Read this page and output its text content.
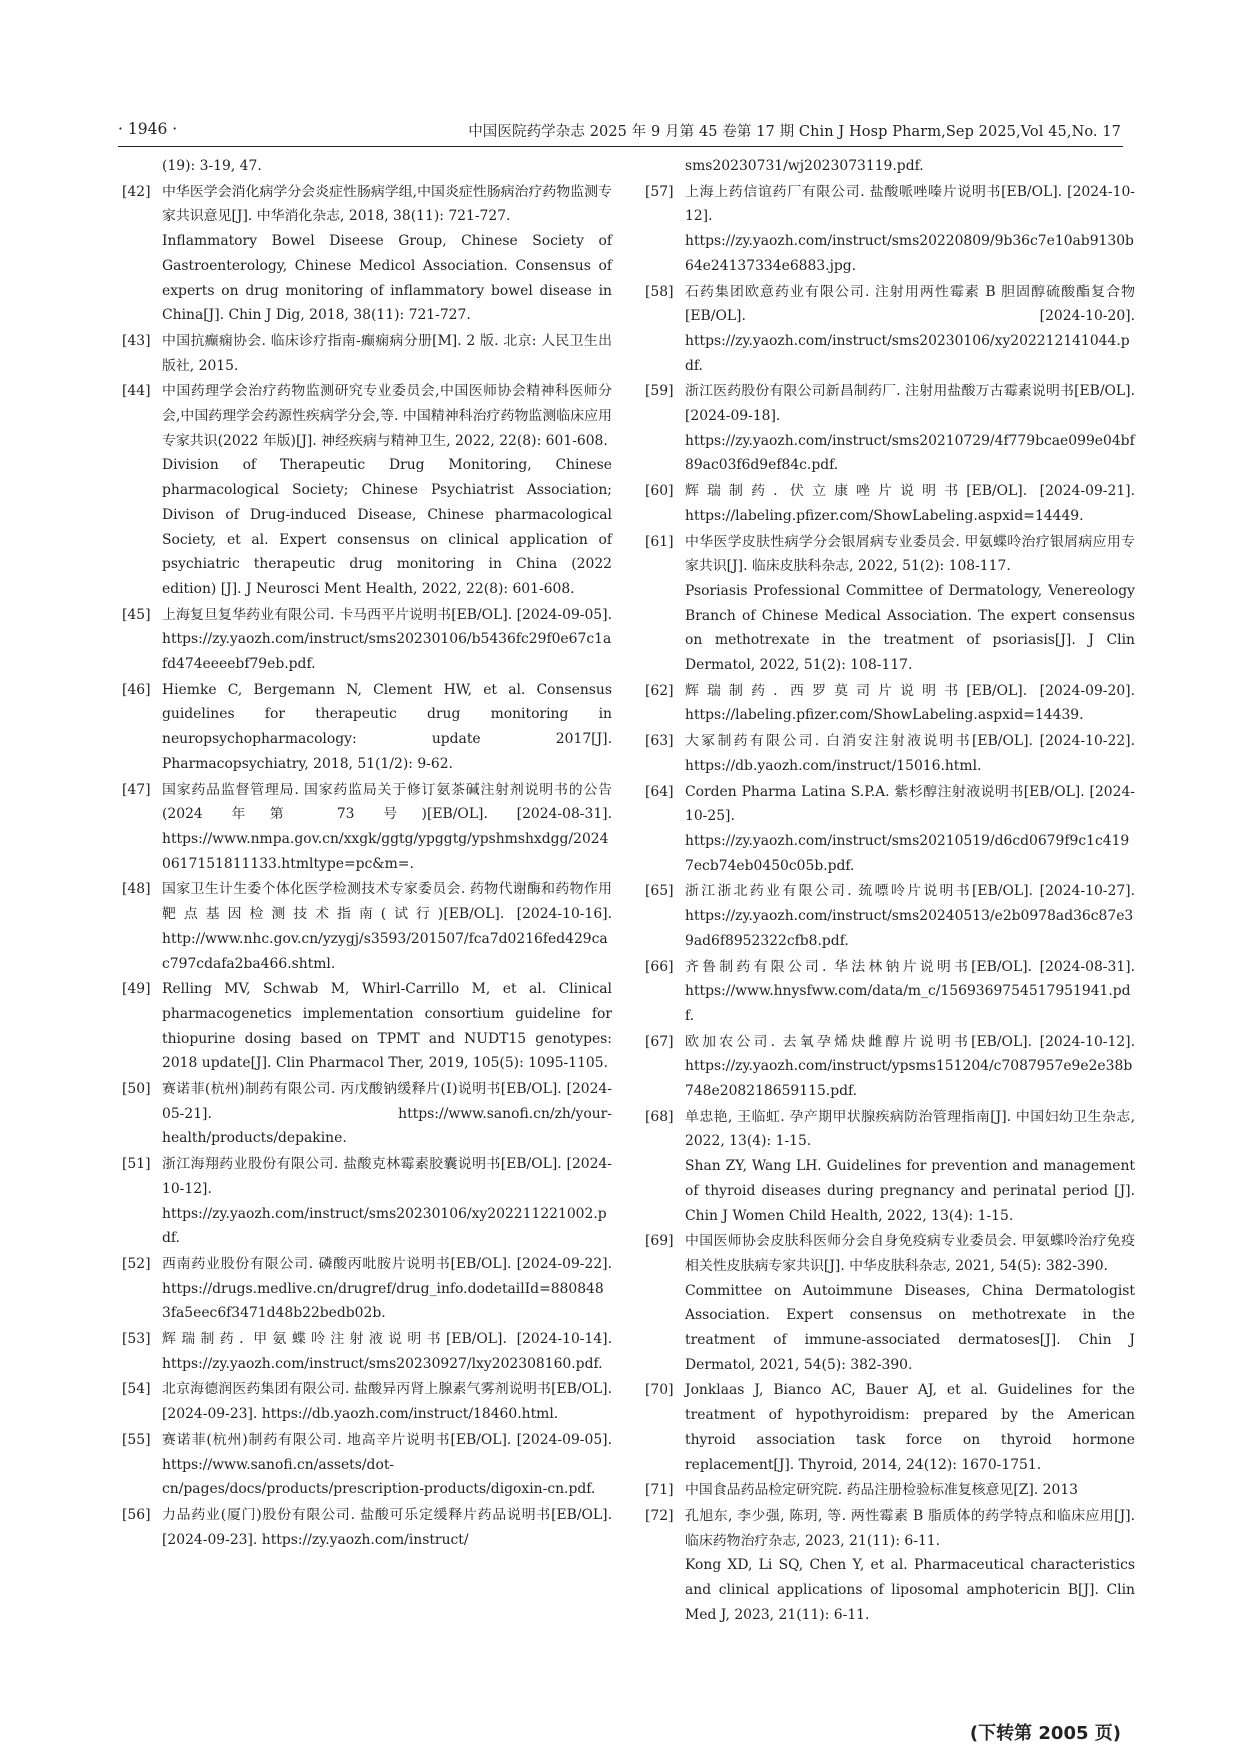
· 1946 ·	中国医院药学杂志 2025 年 9 月第 45 卷第 17 期 Chin J Hosp Pharm,Sep 2025,Vol 45,No. 17
(19): 3-19, 47.
[42] 中华医学会消化病学分会炎症性肠病学组,中国炎症性肠病治疗药物监测专家共识意见[J]. 中华消化杂志, 2018, 38(11): 721-727.
Inflammatory Bowel Diseese Group, Chinese Society of Gastroenterology, Chinese Medicol Association. Consensus of experts on drug monitoring of inflammatory bowel disease in China[J]. Chin J Dig, 2018, 38(11): 721-727.
[43] 中国抗癫痫协会. 临床诊疗指南-癫痫病分册[M]. 2 版. 北京: 人民卫生出版社, 2015.
[44] 中国药理学会治疗药物监测研究专业委员会,中国医师协会精神科医师分会,中国药理学会药源性疾病学分会,等. 中国精神科治疗药物监测临床应用专家共识(2022 年版)[J]. 神经疾病与精神卫生, 2022, 22(8): 601-608.
Division of Therapeutic Drug Monitoring, Chinese pharmacological Society; Chinese Psychiatrist Association; Divison of Drug-induced Disease, Chinese pharmacological Society, et al. Expert consensus on clinical application of psychiatric therapeutic drug monitoring in China (2022 edition) [J]. J Neurosci Ment Health, 2022, 22(8): 601-608.
[45] 上海复旦复华药业有限公司. 卡马西平片说明书[EB/OL]. [2024-09-05]. https://zy.yaozh.com/instruct/sms20230106/b5436fc29f0e67c1afd474eeeebf79eb.pdf.
[46] Hiemke C, Bergemann N, Clement HW, et al. Consensus guidelines for therapeutic drug monitoring in neuropsychopharmacology: update 2017[J]. Pharmacopsychiatry, 2018, 51(1/2): 9-62.
[47] 国家药品监督管理局. 国家药监局关于修订氨茶碱注射剂说明书的公告(2024 年第 73 号)[EB/OL]. [2024-08-31]. https://www.nmpa.gov.cn/xxgk/ggtg/ypggtg/ypshmshxdgg/20240617151811133.htmltype=pc&m=.
[48] 国家卫生计生委个体化医学检测技术专家委员会. 药物代谢酶和药物作用靶点基因检测技术指南(试行)[EB/OL]. [2024-10-16]. http://www.nhc.gov.cn/yzygj/s3593/201507/fca7d0216fed429cac797cdafa2ba466.shtml.
[49] Relling MV, Schwab M, Whirl-Carrillo M, et al. Clinical pharmacogenetics implementation consortium guideline for thiopurine dosing based on TPMT and NUDT15 genotypes: 2018 update[J]. Clin Pharmacol Ther, 2019, 105(5): 1095-1105.
[50] 赛诺菲(杭州)制药有限公司. 丙戊酸钠缓释片(Ⅰ)说明书[EB/OL]. [2024-05-21]. https://www.sanofi.cn/zh/your-health/products/depakine.
[51] 浙江海翔药业股份有限公司. 盐酸克林霉素胶囊说明书[EB/OL]. [2024-10-12]. https://zy.yaozh.com/instruct/sms20230106/xy202211221002.pdf.
[52] 西南药业股份有限公司. 磷酸丙吡胺片说明书[EB/OL]. [2024-09-22]. https://drugs.medlive.cn/drugref/drug_info.dodetailId=8808483fa5eec6f3471d48b22bedb02b.
[53] 辉瑞制药. 甲氨蝶呤注射液说明书[EB/OL]. [2024-10-14]. https://zy.yaozh.com/instruct/sms20230927/lxy202308160.pdf.
[54] 北京海德润医药集团有限公司. 盐酸异丙肾上腺素气雾剂说明书[EB/OL]. [2024-09-23]. https://db.yaozh.com/instruct/18460.html.
[55] 赛诺菲(杭州)制药有限公司. 地高辛片说明书[EB/OL]. [2024-09-05]. https://www.sanofi.cn/assets/dot-cn/pages/docs/products/prescription-products/digoxin-cn.pdf.
[56] 力品药业(厦门)股份有限公司. 盐酸可乐定缓释片药品说明书[EB/OL]. [2024-09-23]. https://zy.yaozh.com/instruct/
sms20230731/wj2023073119.pdf.
[57] 上海上药信谊药厂有限公司. 盐酸哌唑嗪片说明书[EB/OL]. [2024-10-12]. https://zy.yaozh.com/instruct/sms20220809/9b36c7e10ab9130b64e24137334e6883.jpg.
[58] 石药集团欧意药业有限公司. 注射用两性霉素 B 胆固醇硫酸酯复合物[EB/OL]. [2024-10-20]. https://zy.yaozh.com/instruct/sms20230106/xy202212141044.pdf.
[59] 浙江医药股份有限公司新昌制药厂. 注射用盐酸万古霉素说明书[EB/OL]. [2024-09-18]. https://zy.yaozh.com/instruct/sms20210729/4f779bcae099e04bf89ac03f6d9ef84c.pdf.
[60] 辉瑞制药. 伏立康唑片说明书[EB/OL]. [2024-09-21]. https://labeling.pfizer.com/ShowLabeling.aspxid=14449.
[61] 中华医学皮肤性病学分会银屑病专业委员会. 甲氨蝶呤治疗银屑病应用专家共识[J]. 临床皮肤科杂志, 2022, 51(2): 108-117.
Psoriasis Professional Committee of Dermatology, Venereology Branch of Chinese Medical Association. The expert consensus on methotrexate in the treatment of psoriasis[J]. J Clin Dermatol, 2022, 51(2): 108-117.
[62] 辉瑞制药. 西罗莫司片说明书[EB/OL]. [2024-09-20]. https://labeling.pfizer.com/ShowLabeling.aspxid=14439.
[63] 大冢制药有限公司. 白消安注射液说明书[EB/OL]. [2024-10-22]. https://db.yaozh.com/instruct/15016.html.
[64] Corden Pharma Latina S.P.A. 紫杉醇注射液说明书[EB/OL]. [2024-10-25]. https://zy.yaozh.com/instruct/sms20210519/d6cd0679f9c1c4197ecb74eb0450c05b.pdf.
[65] 浙江浙北药业有限公司. 巯嘌呤片说明书[EB/OL]. [2024-10-27]. https://zy.yaozh.com/instruct/sms20240513/e2b0978ad36c87e39ad6f8952322cfb8.pdf.
[66] 齐鲁制药有限公司. 华法林钠片说明书[EB/OL]. [2024-08-31]. https://www.hnysfww.com/data/m_c/1569369754517951941.pdf.
[67] 欧加农公司. 去氧孕烯炔雌醇片说明书[EB/OL]. [2024-10-12]. https://zy.yaozh.com/instruct/ypsms151204/c7087957e9e2e38b748e208218659115.pdf.
[68] 单忠艳, 王临虹. 孕产期甲状腺疾病防治管理指南[J]. 中国妇幼卫生杂志, 2022, 13(4): 1-15.
Shan ZY, Wang LH. Guidelines for prevention and management of thyroid diseases during pregnancy and perinatal period [J]. Chin J Women Child Health, 2022, 13(4): 1-15.
[69] 中国医师协会皮肤科医师分会自身免疫病专业委员会. 甲氨蝶呤治疗免疫相关性皮肤病专家共识[J]. 中华皮肤科杂志, 2021, 54(5): 382-390.
Committee on Autoimmune Diseases, China Dermatologist Association. Expert consensus on methotrexate in the treatment of immune-associated dermatoses[J]. Chin J Dermatol, 2021, 54(5): 382-390.
[70] Jonklaas J, Bianco AC, Bauer AJ, et al. Guidelines for the treatment of hypothyroidism: prepared by the American thyroid association task force on thyroid hormone replacement[J]. Thyroid, 2014, 24(12): 1670-1751.
[71] 中国食品药品检定研究院. 药品注册检验标准复核意见[Z]. 2013
[72] 孔旭东, 李少强, 陈玥, 等. 两性霉素 B 脂质体的药学特点和临床应用[J]. 临床药物治疗杂志, 2023, 21(11): 6-11.
Kong XD, Li SQ, Chen Y, et al. Pharmaceutical characteristics and clinical applications of liposomal amphotericin B[J]. Clin Med J, 2023, 21(11): 6-11.
(下转第 2005 页)
